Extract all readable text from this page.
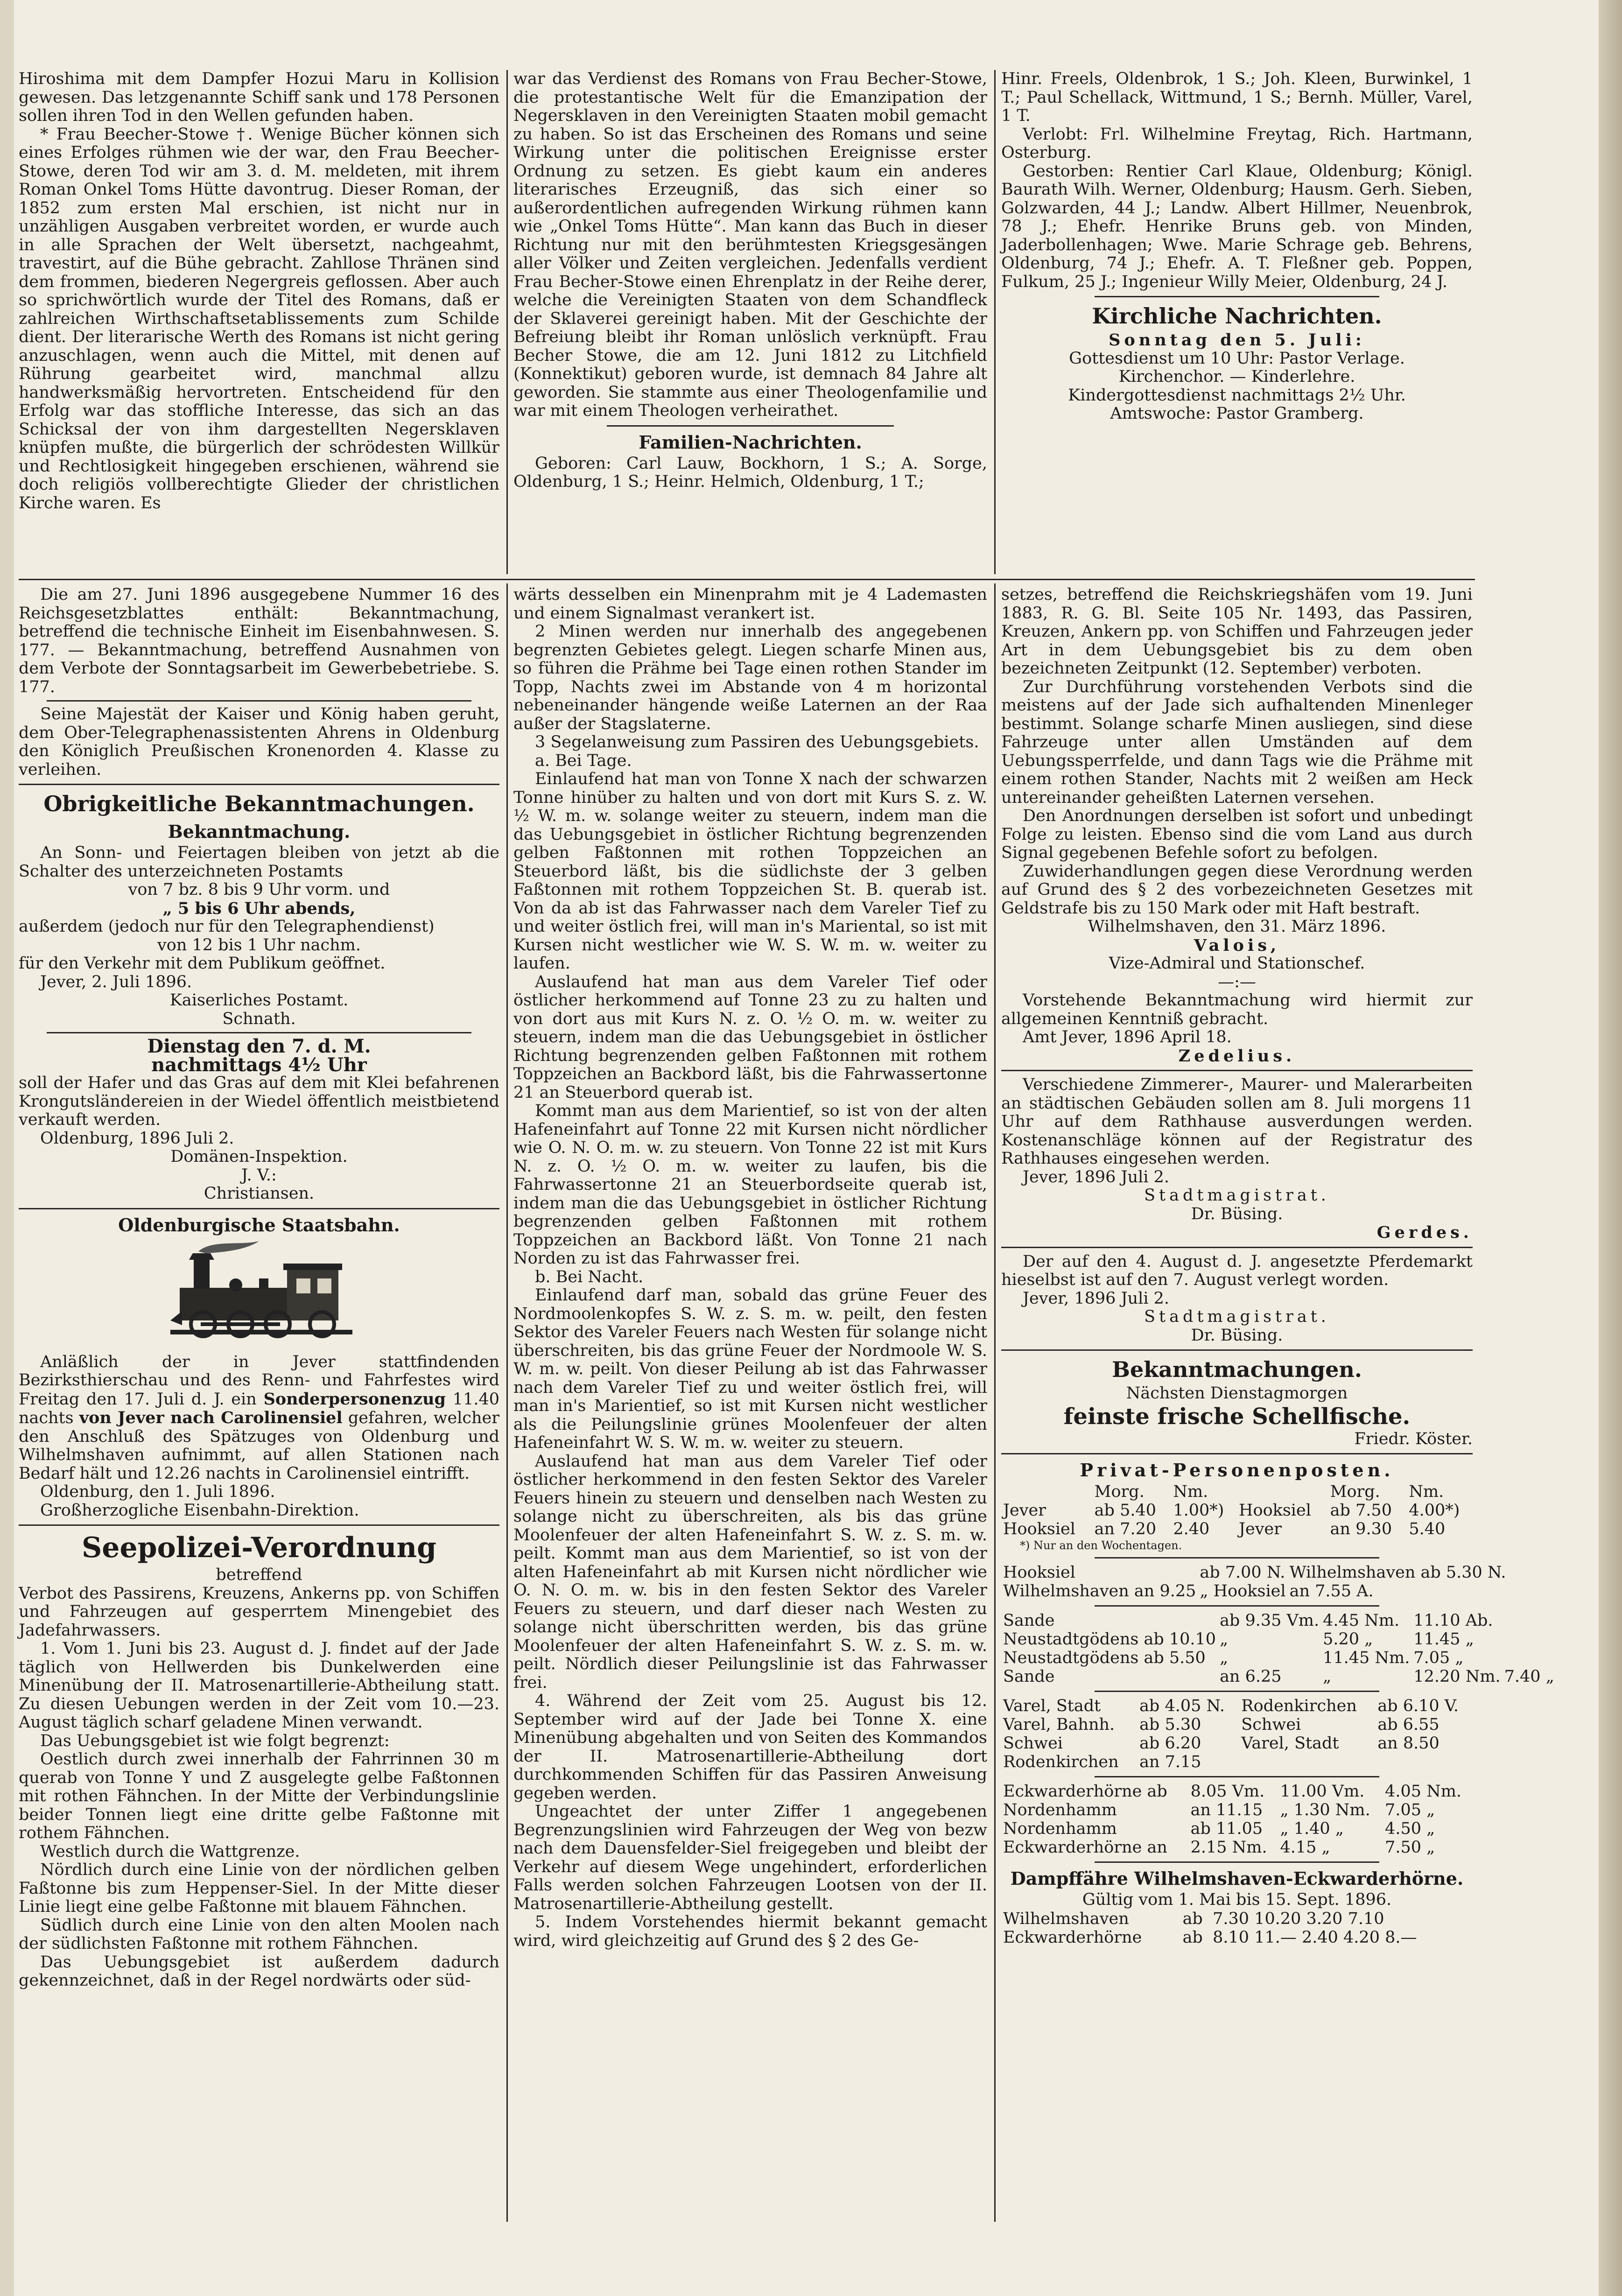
Hiroshima mit dem Dampfer Hozui Maru in Kollision gewesen. Das letzgenannte Schiff sank und 178 Personen sollen ihren Tod in den Wellen gefunden haben.

* Frau Beecher-Stowe †. Wenige Bücher können sich eines Erfolges rühmen wie der war, den Frau Beecher-Stowe, deren Tod wir am 3. d. M. meldeten, mit ihrem Roman Onkel Toms Hütte davontrug. Dieser Roman, der 1852 zum ersten Mal erschien, ist nicht nur in unzähligen Ausgaben verbreitet worden, er wurde auch in alle Sprachen der Welt übersetzt, nachgeahmt, travestirt, auf die Bühe gebracht. Zahllose Thränen sind dem frommen, biederen Negergreis geflossen. Aber auch so sprichwörtlich wurde der Titel des Romans, daß er zahlreichen Wirthschaftsetablissements zum Schilde dient. Der literarische Werth des Romans ist nicht gering anzuschlagen, wenn auch die Mittel, mit denen auf Rührung gearbeitet wird, manchmal allzu handwerksmäßig hervortreten. Entscheidend für den Erfolg war das stoffliche Interesse, das sich an das Schicksal der von ihm dargestellten Negersklaven knüpfen mußte, die bürgerlich der schrödesten Willkür und Rechtlosigkeit hingegeben erschienen, während sie doch religiös vollberechtigte Glieder der christlichen Kirche waren. Es

war das Verdienst des Romans von Frau Becher-Stowe, die protestantische Welt für die Emanzipation der Negersklaven in den Vereinigten Staaten mobil gemacht zu haben. So ist das Erscheinen des Romans und seine Wirkung unter die politischen Ereignisse erster Ordnung zu setzen. Es giebt kaum ein anderes literarisches Erzeugniß, das sich einer so außerordentlichen aufregenden Wirkung rühmen kann wie „Onkel Toms Hütte“. Man kann das Buch in dieser Richtung nur mit den berühmtesten Kriegsgesängen aller Völker und Zeiten vergleichen. Jedenfalls verdient Frau Becher-Stowe einen Ehrenplatz in der Reihe derer, welche die Vereinigten Staaten von dem Schandfleck der Sklaverei gereinigt haben. Mit der Geschichte der Befreiung bleibt ihr Roman unlöslich verknüpft. Frau Becher Stowe, die am 12. Juni 1812 zu Litchfield (Konnektikut) geboren wurde, ist demnach 84 Jahre alt geworden. Sie stammte aus einer Theologenfamilie und war mit einem Theologen verheirathet.

Familien-Nachrichten.

Geboren: Carl Lauw, Bockhorn, 1 S.; A. Sorge, Oldenburg, 1 S.; Heinr. Helmich, Oldenburg, 1 T.;

Hinr. Freels, Oldenbrok, 1 S.; Joh. Kleen, Burwinkel, 1 T.; Paul Schellack, Wittmund, 1 S.; Bernh. Müller, Varel, 1 T.

Verlobt: Frl. Wilhelmine Freytag, Rich. Hartmann, Osterburg.

Gestorben: Rentier Carl Klaue, Oldenburg; Königl. Baurath Wilh. Werner, Oldenburg; Hausm. Gerh. Sieben, Golzwarden, 44 J.; Landw. Albert Hillmer, Neuenbrok, 78 J.; Ehefr. Henrike Bruns geb. von Minden, Jaderbollenhagen; Wwe. Marie Schrage geb. Behrens, Oldenburg, 74 J.; Ehefr. A. T. Fleßner geb. Poppen, Fulkum, 25 J.; Ingenieur Willy Meier, Oldenburg, 24 J.

Kirchliche Nachrichten.

Sonntag den 5. Juli:

Gottesdienst um 10 Uhr: Pastor Verlage.

Kirchenchor. — Kinderlehre.

Kindergottesdienst nachmittags 2½ Uhr.

Amtswoche: Pastor Gramberg.

Die am 27. Juni 1896 ausgegebene Nummer 16 des Reichsgesetzblattes enthält: Bekanntmachung, betreffend die technische Einheit im Eisenbahnwesen. S. 177. — Bekanntmachung, betreffend Ausnahmen von dem Verbote der Sonntagsarbeit im Gewerbebetriebe. S. 177.

Seine Majestät der Kaiser und König haben geruht, dem Ober-Telegraphenassistenten Ahrens in Oldenburg den Königlich Preußischen Kronenorden 4. Klasse zu verleihen.

Obrigkeitliche Bekanntmachungen.
Bekanntmachung.

An Sonn- und Feiertagen bleiben von jetzt ab die Schalter des unterzeichneten Postamts

von 7 bz. 8 bis 9 Uhr vorm. und

„ 5 bis 6 Uhr abends,

außerdem (jedoch nur für den Telegraphendienst)

von 12 bis 1 Uhr nachm.

für den Verkehr mit dem Publikum geöffnet.

Jever, 2. Juli 1896.

Kaiserliches Postamt.

Schnath.

Dienstag den 7. d. M.

nachmittags 4½ Uhr

soll der Hafer und das Gras auf dem mit Klei befahrenen Krongutsländereien in der Wiedel öffentlich meistbietend verkauft werden.

Oldenburg, 1896 Juli 2.

Domänen-Inspektion.

J. V.:

Christiansen.

Oldenburgische Staatsbahn.

Anläßlich der in Jever stattfindenden Bezirksthierschau und des Renn- und Fahrfestes wird Freitag den 17. Juli d. J. ein Sonderpersonenzug 11.40 nachts von Jever nach Carolinensiel gefahren, welcher den Anschluß des Spätzuges von Oldenburg und Wilhelmshaven aufnimmt, auf allen Stationen nach Bedarf hält und 12.26 nachts in Carolinensiel eintrifft.

Oldenburg, den 1. Juli 1896.

Großherzogliche Eisenbahn-Direktion.

Seepolizei-Verordnung

betreffend

Verbot des Passirens, Kreuzens, Ankerns pp. von Schiffen und Fahrzeugen auf gesperrtem Minengebiet des Jadefahrwassers.

1. Vom 1. Juni bis 23. August d. J. findet auf der Jade täglich von Hellwerden bis Dunkelwerden eine Minenübung der II. Matrosenartillerie-Abtheilung statt. Zu diesen Uebungen werden in der Zeit vom 10.—23. August täglich scharf geladene Minen verwandt.

Das Uebungsgebiet ist wie folgt begrenzt:

Oestlich durch zwei innerhalb der Fahrrinnen 30 m querab von Tonne Y und Z ausgelegte gelbe Faßtonnen mit rothen Fähnchen. In der Mitte der Verbindungslinie beider Tonnen liegt eine dritte gelbe Faßtonne mit rothem Fähnchen.

Westlich durch die Wattgrenze.

Nördlich durch eine Linie von der nördlichen gelben Faßtonne bis zum Heppenser-Siel. In der Mitte dieser Linie liegt eine gelbe Faßtonne mit blauem Fähnchen.

Südlich durch eine Linie von den alten Moolen nach der südlichsten Faßtonne mit rothem Fähnchen.

Das Uebungsgebiet ist außerdem dadurch gekennzeichnet, daß in der Regel nordwärts oder süd-

wärts desselben ein Minenprahm mit je 4 Lademasten und einem Signalmast verankert ist.

2 Minen werden nur innerhalb des angegebenen begrenzten Gebietes gelegt. Liegen scharfe Minen aus, so führen die Prähme bei Tage einen rothen Stander im Topp, Nachts zwei im Abstande von 4 m horizontal nebeneinander hängende weiße Laternen an der Raa außer der Stagslaterne.

3 Segelanweisung zum Passiren des Uebungsgebiets.

a. Bei Tage.

Einlaufend hat man von Tonne X nach der schwarzen Tonne hinüber zu halten und von dort mit Kurs S. z. W. ½ W. m. w. solange weiter zu steuern, indem man die das Uebungsgebiet in östlicher Richtung begrenzenden gelben Faßtonnen mit rothen Toppzeichen an Steuerbord läßt, bis die südlichste der 3 gelben Faßtonnen mit rothem Toppzeichen St. B. querab ist. Von da ab ist das Fahrwasser nach dem Vareler Tief zu und weiter östlich frei, will man in's Mariental, so ist mit Kursen nicht westlicher wie W. S. W. m. w. weiter zu laufen.

Auslaufend hat man aus dem Vareler Tief oder östlicher herkommend auf Tonne 23 zu zu halten und von dort aus mit Kurs N. z. O. ½ O. m. w. weiter zu steuern, indem man die das Uebungsgebiet in östlicher Richtung begrenzenden gelben Faßtonnen mit rothem Toppzeichen an Backbord läßt, bis die Fahrwassertonne 21 an Steuerbord querab ist.

Kommt man aus dem Marientief, so ist von der alten Hafeneinfahrt auf Tonne 22 mit Kursen nicht nördlicher wie O. N. O. m. w. zu steuern. Von Tonne 22 ist mit Kurs N. z. O. ½ O. m. w. weiter zu laufen, bis die Fahrwassertonne 21 an Steuerbordseite querab ist, indem man die das Uebungsgebiet in östlicher Richtung begrenzenden gelben Faßtonnen mit rothem Toppzeichen an Backbord läßt. Von Tonne 21 nach Norden zu ist das Fahrwasser frei.

b. Bei Nacht.

Einlaufend darf man, sobald das grüne Feuer des Nordmoolenkopfes S. W. z. S. m. w. peilt, den festen Sektor des Vareler Feuers nach Westen für solange nicht überschreiten, bis das grüne Feuer der Nordmoole W. S. W. m. w. peilt. Von dieser Peilung ab ist das Fahrwasser nach dem Vareler Tief zu und weiter östlich frei, will man in's Marientief, so ist mit Kursen nicht westlicher als die Peilungslinie grünes Moolenfeuer der alten Hafeneinfahrt W. S. W. m. w. weiter zu steuern.

Auslaufend hat man aus dem Vareler Tief oder östlicher herkommend in den festen Sektor des Vareler Feuers hinein zu steuern und denselben nach Westen zu solange nicht zu überschreiten, als bis das grüne Moolenfeuer der alten Hafeneinfahrt S. W. z. S. m. w. peilt. Kommt man aus dem Marientief, so ist von der alten Hafeneinfahrt ab mit Kursen nicht nördlicher wie O. N. O. m. w. bis in den festen Sektor des Vareler Feuers zu steuern, und darf dieser nach Westen zu solange nicht überschritten werden, bis das grüne Moolenfeuer der alten Hafeneinfahrt S. W. z. S. m. w. peilt. Nördlich dieser Peilungslinie ist das Fahrwasser frei.

4. Während der Zeit vom 25. August bis 12. September wird auf der Jade bei Tonne X. eine Minenübung abgehalten und von Seiten des Kommandos der II. Matrosenartillerie-Abtheilung dort durchkommenden Schiffen für das Passiren Anweisung gegeben werden.

Ungeachtet der unter Ziffer 1 angegebenen Begrenzungslinien wird Fahrzeugen der Weg von bezw nach dem Dauensfelder-Siel freigegeben und bleibt der Verkehr auf diesem Wege ungehindert, erforderlichen Falls werden solchen Fahrzeugen Lootsen von der II. Matrosenartillerie-Abtheilung gestellt.

5. Indem Vorstehendes hiermit bekannt gemacht wird, wird gleichzeitig auf Grund des § 2 des Ge-

setzes, betreffend die Reichskriegshäfen vom 19. Juni 1883, R. G. Bl. Seite 105 Nr. 1493, das Passiren, Kreuzen, Ankern pp. von Schiffen und Fahrzeugen jeder Art in dem Uebungsgebiet bis zu dem oben bezeichneten Zeitpunkt (12. September) verboten.

Zur Durchführung vorstehenden Verbots sind die meistens auf der Jade sich aufhaltenden Minenleger bestimmt. Solange scharfe Minen ausliegen, sind diese Fahrzeuge unter allen Umständen auf dem Uebungssperrfelde, und dann Tags wie die Prähme mit einem rothen Stander, Nachts mit 2 weißen am Heck untereinander geheißten Laternen versehen.

Den Anordnungen derselben ist sofort und unbedingt Folge zu leisten. Ebenso sind die vom Land aus durch Signal gegebenen Befehle sofort zu befolgen.

Zuwiderhandlungen gegen diese Verordnung werden auf Grund des § 2 des vorbezeichneten Gesetzes mit Geldstrafe bis zu 150 Mark oder mit Haft bestraft.

Wilhelmshaven, den 31. März 1896.

Valois,

Vize-Admiral und Stationschef.

—:—

Vorstehende Bekanntmachung wird hiermit zur allgemeinen Kenntniß gebracht.

Amt Jever, 1896 April 18.

Zedelius.

Verschiedene Zimmerer-, Maurer- und Malerarbeiten an städtischen Gebäuden sollen am 8. Juli morgens 11 Uhr auf dem Rathhause ausverdungen werden. Kostenanschläge können auf der Registratur des Rathhauses eingesehen werden.

Jever, 1896 Juli 2.

Stadtmagistrat.

Dr. Büsing.

Gerdes.

Der auf den 4. August d. J. angesetzte Pferdemarkt hieselbst ist auf den 7. August verlegt worden.

Jever, 1896 Juli 2.

Stadtmagistrat.

Dr. Büsing.

Bekanntmachungen.

Nächsten Dienstagmorgen

feinste frische Schellfische.

Friedr. Köster.

Privat-Personenposten.
	Morg.	Nm.		Morg.	Nm.
Jever	ab 5.40	1.00*)	Hooksiel	ab 7.50	4.00*)
Hooksiel	an 7.20	2.40	Jever	an 9.30	5.40

*) Nur an den Wochentagen.

Hooksiel	ab 7.00 N.	Wilhelmshaven ab 5.30 N.
Wilhelmshaven an 9.25	„ Hooksiel	an 7.55 A.
Sande	ab 9.35 Vm.	4.45 Nm.	11.10 Ab.	
Neustadtgödens ab 10.10	„	5.20 „	11.45 „	
Neustadtgödens ab 5.50	„	11.45 Nm.	7.05 „	
Sande	an 6.25	„	12.20 Nm.	7.40 „
Varel, Stadt	ab 4.05 N.	Rodenkirchen	ab 6.10 V.
Varel, Bahnh.	ab 5.30	Schwei	ab 6.55
Schwei	ab 6.20	Varel, Stadt	an 8.50
Rodenkirchen	an 7.15		
Eckwarderhörne ab	8.05 Vm.	11.00 Vm.	4.05 Nm.
Nordenhamm	an 11.15	„ 1.30 Nm.	7.05 „
Nordenhamm	ab 11.05	„ 1.40 „	4.50 „
Eckwarderhörne an	2.15 Nm.	4.15 „	7.50 „
Dampffähre Wilhelmshaven-Eckwarderhörne.

Gültig vom 1. Mai bis 15. Sept. 1896.

Wilhelmshaven	ab	7.30 10.20 3.20 7.10
Eckwarderhörne	ab	8.10 11.— 2.40 4.20 8.—
